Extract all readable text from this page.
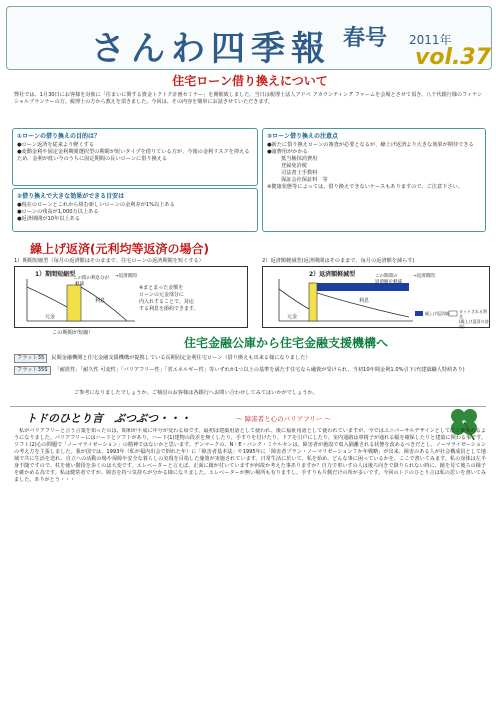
さんわ四季報 春号 2011年
vol.37
住宅ローン借り換えについて
弊社では、1月30日にお客様を対象に「住まいに関する資金トクトク計画セミナー」を開催致しました。当日は税理士法人アドベ アカウンティング ファームを会場とさせて頂き、八千代銀行様のフィナンシャルプランナーの方、税理士の方から教えを頂きました。今回は、その内容を簡単にお話させていただきます。
①ローンの借り換えの目的は？
●ローン返済を従来より軽くする
●変動金利や固定金利期間選択型の期間が短いタイプを借りている方が、今後の金利リスクを抑えるため、金利が低い今のうちに固定期間の長いローンに借り換える
②借り換えで大きな効果ができる目安は
●現在のローンとこれから組む新しいローンの金利差が1%以上ある
●ローンの残高が1,000万以上ある
●返済期間が10年以上ある
③ローン借り換えの注意点
●新たに借り換えローンの審査が必要となるが、繰上げ返済より大きな効果が期待できる
●諸費用がかかる
抵当権抹消費用
登録免許税
司法書士手数料
保証会社保証料　等
※健康状態等によっては、借り換えできないケースもありますので、ご注意下さい。
繰上げ返済(元利均等返済の場合)
1）期間短縮型（毎月の返済額はそのままで、住宅ローンの返済期間を短くする）	2）返済額軽減型(返済期間はそのままで、毎月の返済額を減らす)
1）期間短縮型
この間の利息分が
軽減
→返済期間
利息
元金
※まとまった金額を
ローンの元金部分に
内入れすることで、対応
する利息を節約できます。
この期間が短縮！
2）返済額軽減型	この期間の
返済額を軽減
→返済期間
利息
元金
繰上げ返済額	カットされる利息
(繰上げ返済の効果)
住宅金融公庫から住宅金融支援機構へ
フラット35 民間金融機関と住宅金融支援機構が提携している長期固定金利住宅ローン（借り換えも出来る様になりました）
フラット35S 「耐震性」「耐久性 可変性」「バリアフリー性」「省エネルギー性」等いずれか1つ以上の基準を満たす住宅なら融資が受けられ、当初10年間金利1.0%引下げ(建築職人特約あり)
ご参考になりましたでしょうか。ご検討のお客様は各銀行へお問い合わせしてみてはいかがでしょうか。
トドのひとり言　ぶつぶつ・・・	～ 障害者と心のバリアフリー ～
　私がバリアフリーと言う言葉を知ったのは、昭和が平成に年号が変わる頃です。最初は建築用語として使われ、後に福祉用語として使われていますが、今ではユニバーサルデザインとして広く使われるようになりました。バリアフリーにはハードとソフトがあり、ハード(1)建物の段差を無くしたり、手すりを付けたり、ドアを引戸にしたり、室内通路は車椅子が通れる幅を確保したりと建築に関わる事です。ソフト(2)心の問題で「ノーマライゼーション」の精神ではないかと思います。デンマークの、N・E・バンク・ミケルセンは、障害者が施設で収入隔離される状態を改めるべきだとし、ノーマライゼーションの考え方を主張しました。我が国では、1993年（私が福内出会で倒れた年）に「障害者基本法」や1995年に「障害者プラン・ノーマリゼーション７か年戦略」が出来、障害のある人が社会構成員として地域で共に生活を送れ、自立への活動の場や保障や安全な暮らしの実現を目指した施策が実施されています。日常生活に於いて、私を始め、どんな事に困っているかを、ここで書いてみます。私の身体は左半身不随ですので、杖を使い階段を歩くのは大変です。エレベーターと言えば、正面に鏡が付いていますが何故か考えた事ありますか？自力で車いすの人は後ろ向きで降りられない時に、鏡を見て後ろの様子を確かめる為です。私は健常者ですが、障害を持つ気持ちが分かる様になりました。エレベーターが無い場所も有りますし、手すりも片側だけの所が多いです。今回のトドのひとり言は私の思いを書いてみました。ありがとう・・・
